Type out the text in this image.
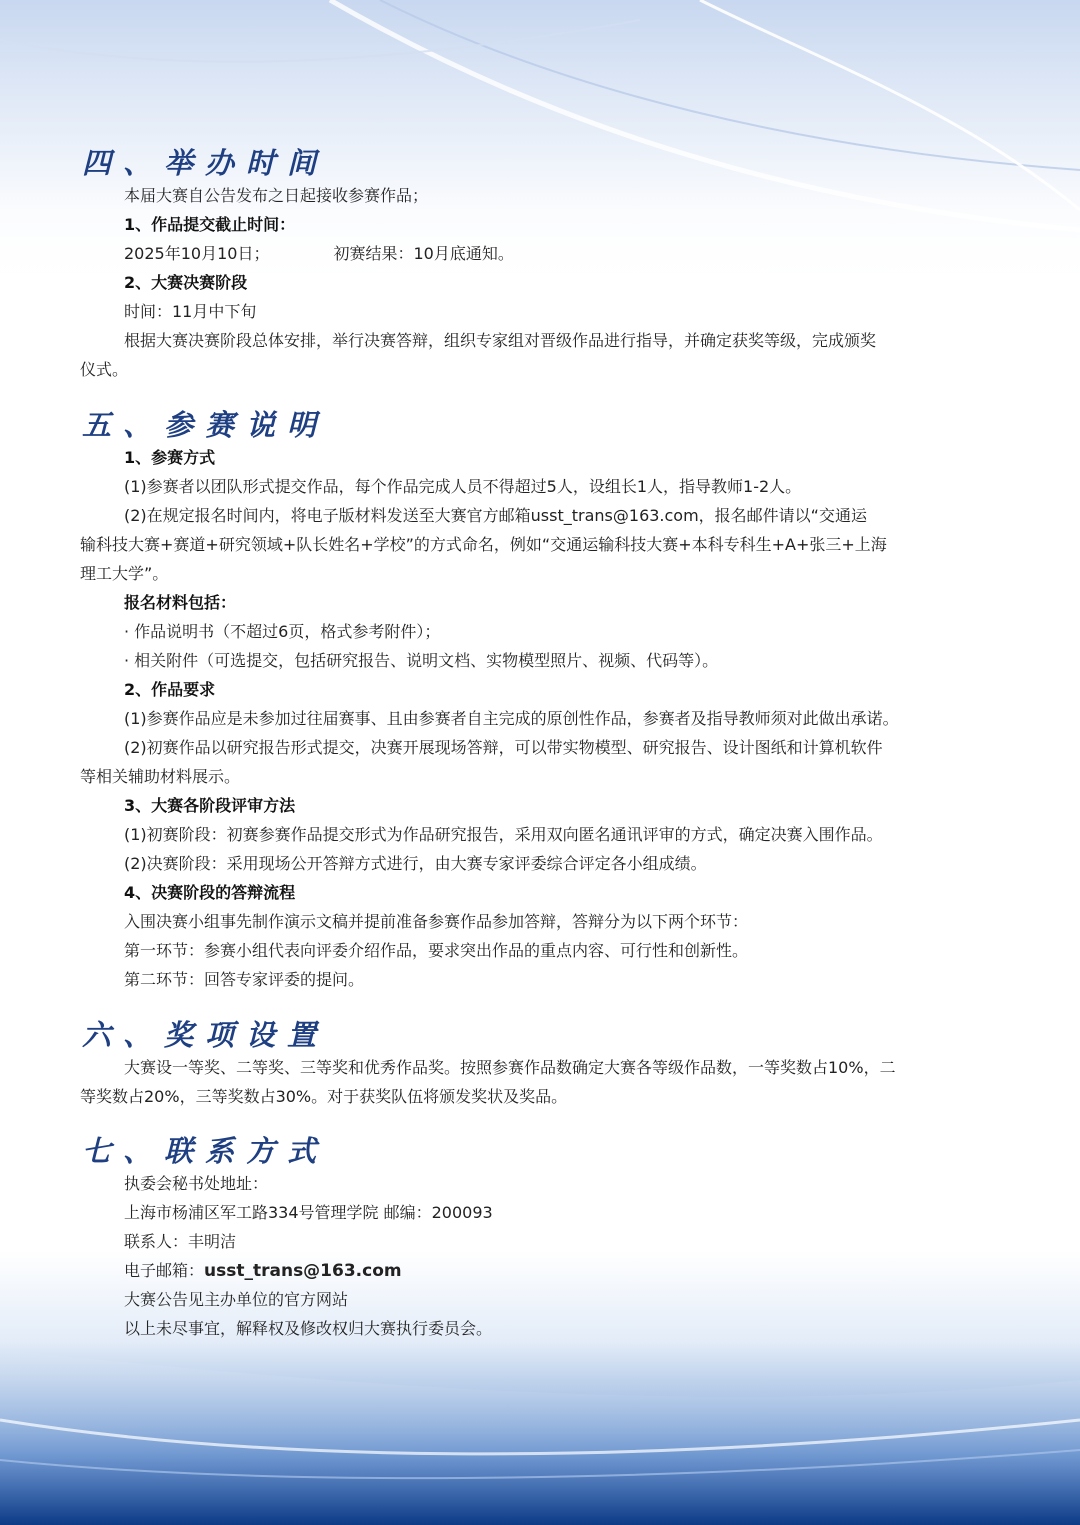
四、举办时间
本届大赛自公告发布之日起接收参赛作品；
1、作品提交截止时间：
2025年10月10日；	初赛结果：10月底通知。
2、大赛决赛阶段
时间：11月中下旬
根据大赛决赛阶段总体安排，举行决赛答辩，组织专家组对晋级作品进行指导，并确定获奖等级，完成颁奖
仪式。
五、参赛说明
1、参赛方式
(1)参赛者以团队形式提交作品，每个作品完成人员不得超过5人，设组长1人，指导教师1-2人。
(2)在规定报名时间内，将电子版材料发送至大赛官方邮箱usst_trans@163.com，报名邮件请以“交通运
输科技大赛+赛道+研究领域+队长姓名+学校”的方式命名，例如“交通运输科技大赛+本科专科生+A+张三+上海
理工大学”。
报名材料包括：
· 作品说明书（不超过6页，格式参考附件）；
· 相关附件（可选提交，包括研究报告、说明文档、实物模型照片、视频、代码等）。
2、作品要求
(1)参赛作品应是未参加过往届赛事、且由参赛者自主完成的原创性作品，参赛者及指导教师须对此做出承诺。
(2)初赛作品以研究报告形式提交，决赛开展现场答辩，可以带实物模型、研究报告、设计图纸和计算机软件
等相关辅助材料展示。
3、大赛各阶段评审方法
(1)初赛阶段：初赛参赛作品提交形式为作品研究报告，采用双向匿名通讯评审的方式，确定决赛入围作品。
(2)决赛阶段：采用现场公开答辩方式进行，由大赛专家评委综合评定各小组成绩。
4、决赛阶段的答辩流程
入围决赛小组事先制作演示文稿并提前准备参赛作品参加答辩，答辩分为以下两个环节：
第一环节：参赛小组代表向评委介绍作品，要求突出作品的重点内容、可行性和创新性。
第二环节：回答专家评委的提问。
六、奖项设置
大赛设一等奖、二等奖、三等奖和优秀作品奖。按照参赛作品数确定大赛各等级作品数，一等奖数占10%，二
等奖数占20%，三等奖数占30%。对于获奖队伍将颁发奖状及奖品。
七、联系方式
执委会秘书处地址：
上海市杨浦区军工路334号管理学院 邮编：200093
联系人：丰明洁
电子邮箱：usst_trans@163.com
大赛公告见主办单位的官方网站
以上未尽事宜，解释权及修改权归大赛执行委员会。
